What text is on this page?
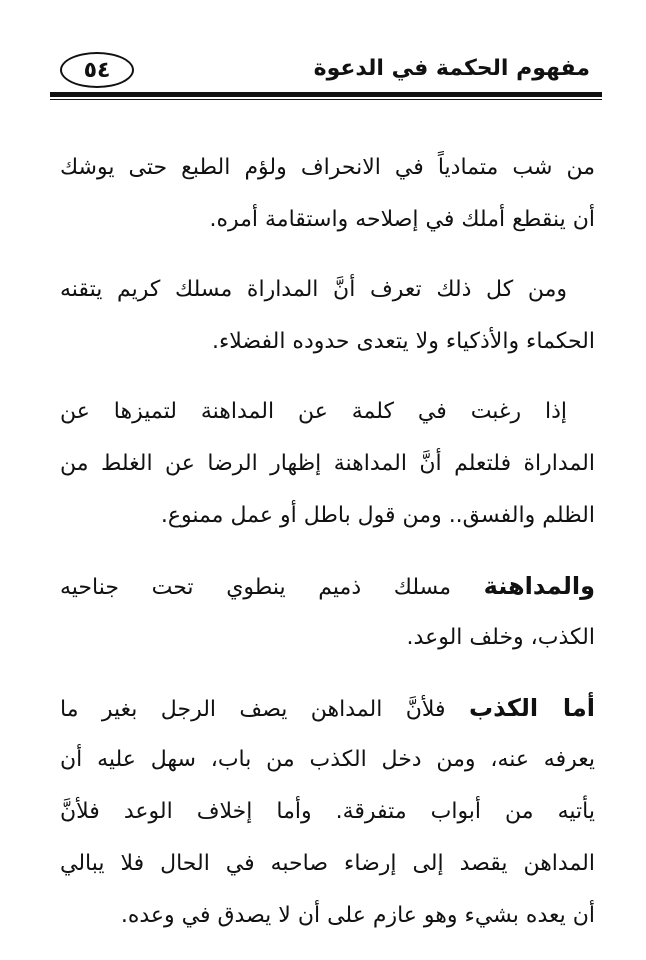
مفهوم الحكمة في الدعوة
٥٤

من شب متمادياً في الانحراف ولؤم الطبع حتى يوشك
أن ينقطع أملك في إصلاحه واستقامة أمره.

ومن كل ذلك تعرف أنَّ المداراة مسلك كريم يتقنه
الحكماء والأذكياء ولا يتعدى حدوده الفضلاء.

إذا رغبت في كلمة عن المداهنة لتميزها عن
المداراة فلتعلم أنَّ المداهنة إظهار الرضا عن الغلط من
الظلم والفسق.. ومن قول باطل أو عمل ممنوع.

والمداهنة مسلك ذميم ينطوي تحت جناحيه
الكذب، وخلف الوعد.

أما الكذب فلأنَّ المداهن يصف الرجل بغير ما
يعرفه عنه، ومن دخل الكذب من باب، سهل عليه أن
يأتيه من أبواب متفرقة. وأما إخلاف الوعد فلأنَّ
المداهن يقصد إلى إرضاء صاحبه في الحال فلا يبالي
أن يعده بشيء وهو عازم على أن لا يصدق في وعده.
